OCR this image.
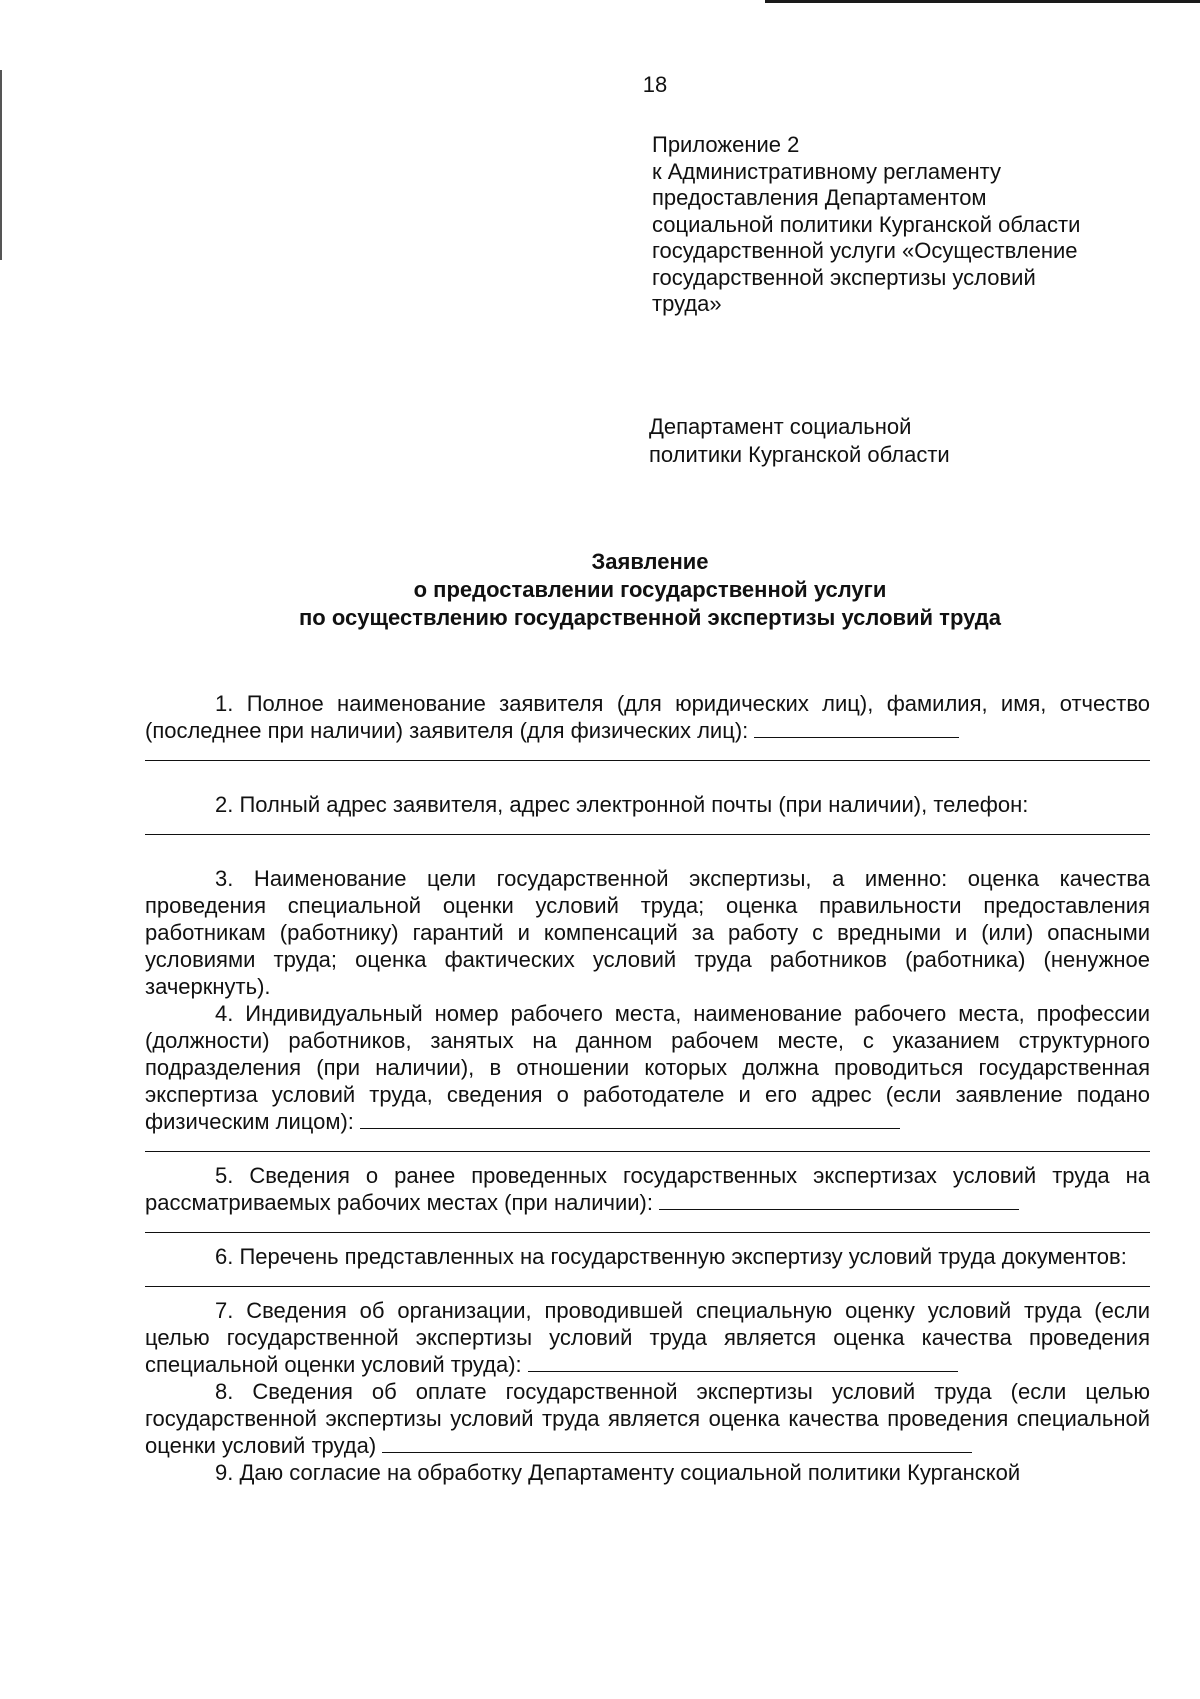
18
Приложение 2
к Административному регламенту
предоставления Департаментом
социальной политики Курганской области
государственной услуги «Осуществление
государственной экспертизы условий
труда»
Департамент социальной
политики Курганской области
Заявление
о предоставлении государственной услуги
по осуществлению государственной экспертизы условий труда
1. Полное наименование заявителя (для юридических лиц), фамилия, имя, отчество (последнее при наличии) заявителя (для физических лиц):
2. Полный адрес заявителя, адрес электронной почты (при наличии), телефон:
3. Наименование цели государственной экспертизы, а именно: оценка качества проведения специальной оценки условий труда; оценка правильности предоставления работникам (работнику) гарантий и компенсаций за работу с вредными и (или) опасными условиями труда; оценка фактических условий труда работников (работника) (ненужное зачеркнуть).
4. Индивидуальный номер рабочего места, наименование рабочего места, профессии (должности) работников, занятых на данном рабочем месте, с указанием структурного подразделения (при наличии), в отношении которых должна проводиться государственная экспертиза условий труда, сведения о работодателе и его адрес (если заявление подано физическим лицом):
5. Сведения о ранее проведенных государственных экспертизах условий труда на рассматриваемых рабочих местах (при наличии):
6. Перечень представленных на государственную экспертизу условий труда документов:
7. Сведения об организации, проводившей специальную оценку условий труда (если целью государственной экспертизы условий труда является оценка качества проведения специальной оценки условий труда):
8. Сведения об оплате государственной экспертизы условий труда (если целью государственной экспертизы условий труда является оценка качества проведения специальной оценки условий труда)
9. Даю согласие на обработку Департаменту социальной политики Курганской
